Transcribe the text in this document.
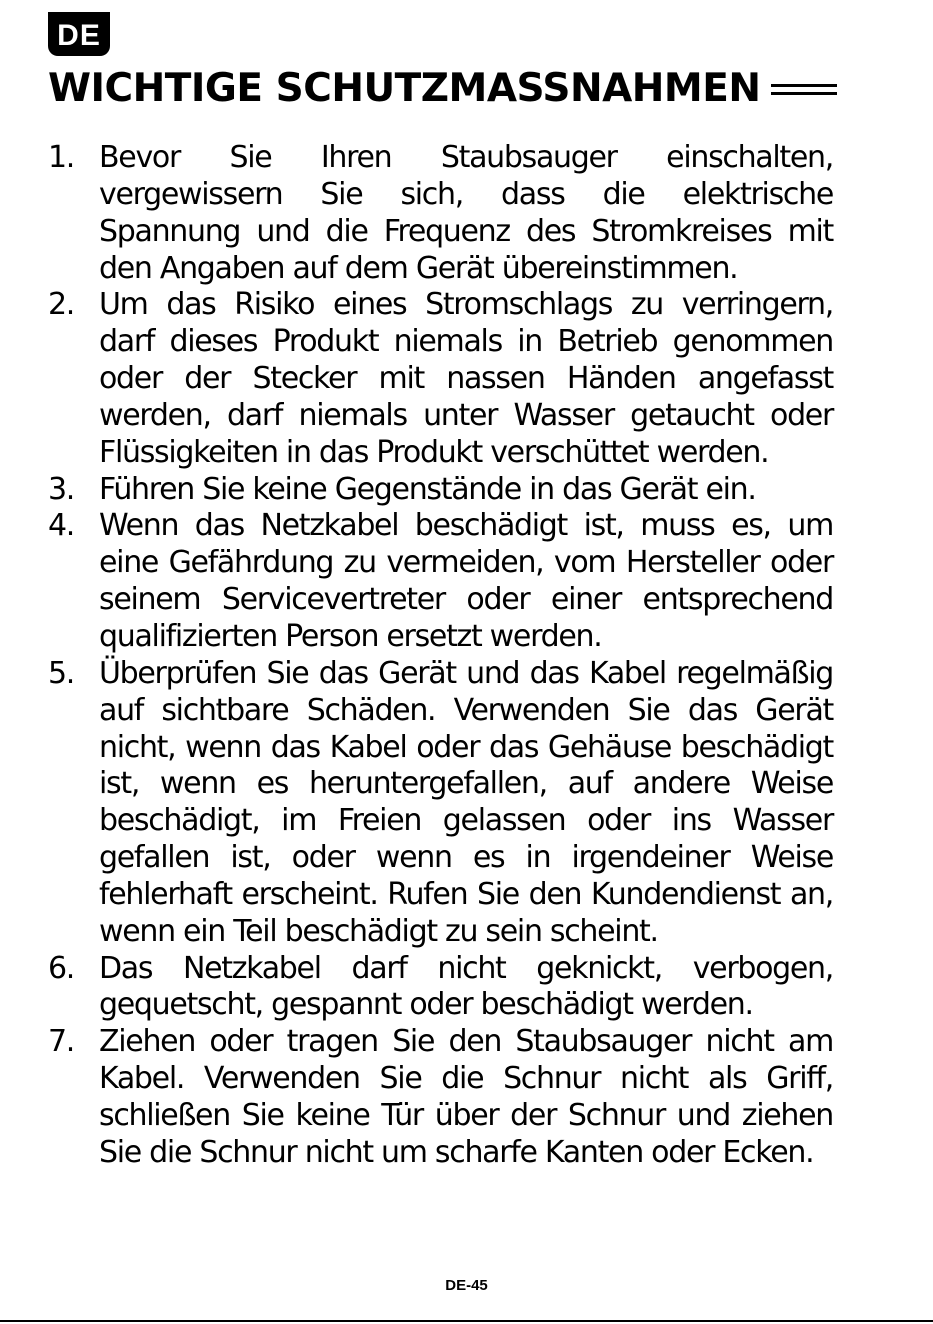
DE
WICHTIGE SCHUTZMASSNAHMEN
1. Bevor Sie Ihren Staubsauger einschalten, vergewissern Sie sich, dass die elektrische Spannung und die Frequenz des Stromkreises mit den Angaben auf dem Gerät übereinstimmen.
2. Um das Risiko eines Stromschlags zu verringern, darf dieses Produkt niemals in Betrieb genommen oder der Stecker mit nassen Händen angefasst werden, darf niemals unter Wasser getaucht oder Flüssigkeiten in das Produkt verschüttet werden.
3. Führen Sie keine Gegenstände in das Gerät ein.
4. Wenn das Netzkabel beschädigt ist, muss es, um eine Gefährdung zu vermeiden, vom Hersteller oder seinem Servicevertreter oder einer entsprechend qualifizierten Person ersetzt werden.
5. Überprüfen Sie das Gerät und das Kabel regelmäßig auf sichtbare Schäden. Verwenden Sie das Gerät nicht, wenn das Kabel oder das Gehäuse beschädigt ist, wenn es heruntergefallen, auf andere Weise beschädigt, im Freien gelassen oder ins Wasser gefallen ist, oder wenn es in irgendeiner Weise fehlerhaft erscheint. Rufen Sie den Kundendienst an, wenn ein Teil beschädigt zu sein scheint.
6. Das Netzkabel darf nicht geknickt, verbogen, gequetscht, gespannt oder beschädigt werden.
7. Ziehen oder tragen Sie den Staubsauger nicht am Kabel. Verwenden Sie die Schnur nicht als Griff, schließen Sie keine Tür über der Schnur und ziehen Sie die Schnur nicht um scharfe Kanten oder Ecken.
DE-45
